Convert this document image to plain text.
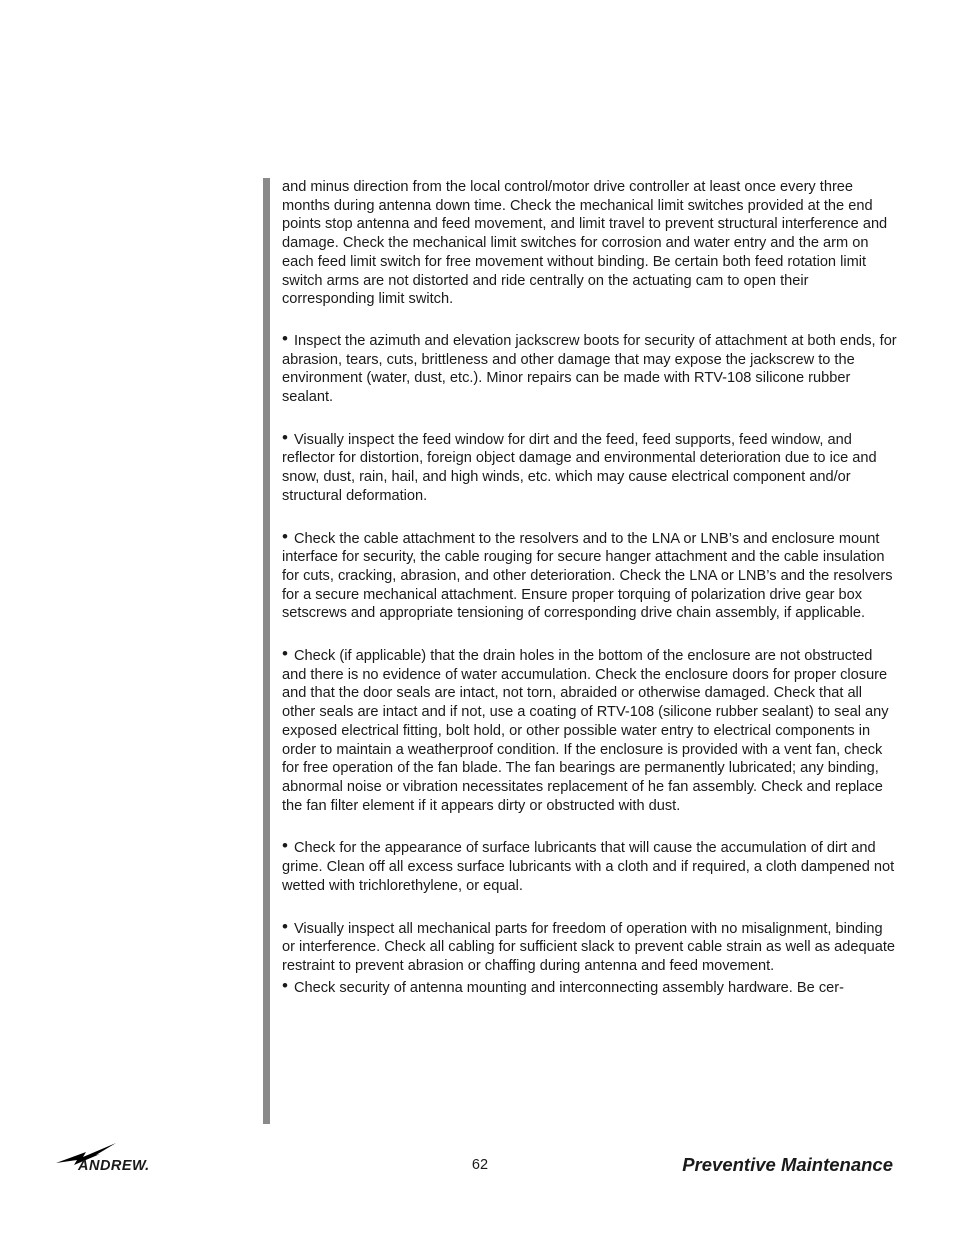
and minus direction from the local control/motor drive controller at least once every three months during antenna down time. Check the mechanical limit switches provided at the end points stop antenna and feed movement, and limit travel to prevent structural interference and damage. Check the mechanical limit switches for corrosion and water entry and the arm on each feed limit switch for free movement without binding. Be certain both feed rotation limit switch arms are not distorted and ride centrally on the actuating cam to open their corresponding limit switch.

• Inspect the azimuth and elevation jackscrew boots for security of attachment at both ends, for abrasion, tears, cuts, brittleness and other damage that may expose the jackscrew to the environment (water, dust, etc.). Minor repairs can be made with RTV-108 silicone rubber sealant.

• Visually inspect the feed window for dirt and the feed, feed supports, feed window, and reflector for distortion, foreign object damage and environmental deterioration due to ice and snow, dust, rain, hail, and high winds, etc. which may cause electrical component and/or structural deformation.

• Check the cable attachment to the resolvers and to the LNA or LNB’s and enclosure mount interface for security, the cable rouging for secure hanger attachment and the cable insulation for cuts, cracking, abrasion, and other deterioration. Check the LNA or LNB’s and the resolvers for a secure mechanical attachment. Ensure proper torquing of polarization drive gear box setscrews and appropriate tensioning of corresponding drive chain assembly, if applicable.

• Check (if applicable) that the drain holes in the bottom of the enclosure are not obstructed and there is no evidence of water accumulation. Check the enclosure doors for proper closure and that the door seals are intact, not torn, abraided or otherwise damaged. Check that all other seals are intact and if not, use a coating of RTV-108 (silicone rubber sealant) to seal any exposed electrical fitting, bolt hold, or other possible water entry to electrical components in order to maintain a weatherproof condition. If the enclosure is provided with a vent fan, check for free operation of the fan blade. The fan bearings are permanently lubricated; any binding, abnormal noise or vibration necessitates replacement of he fan assembly. Check and replace the fan filter element if it appears dirty or obstructed with dust.

• Check for the appearance of surface lubricants that will cause the accumulation of dirt and grime. Clean off all excess surface lubricants with a cloth and if required, a cloth dampened not wetted with trichlorethylene, or equal.

• Visually inspect all mechanical parts for freedom of operation with no misalignment, binding or interference. Check all cabling for sufficient slack to prevent cable strain as well as adequate restraint to prevent abrasion or chaffing during antenna and feed movement.

• Check security of antenna mounting and interconnecting assembly hardware. Be cer-

ANDREW.	62	Preventive Maintenance
